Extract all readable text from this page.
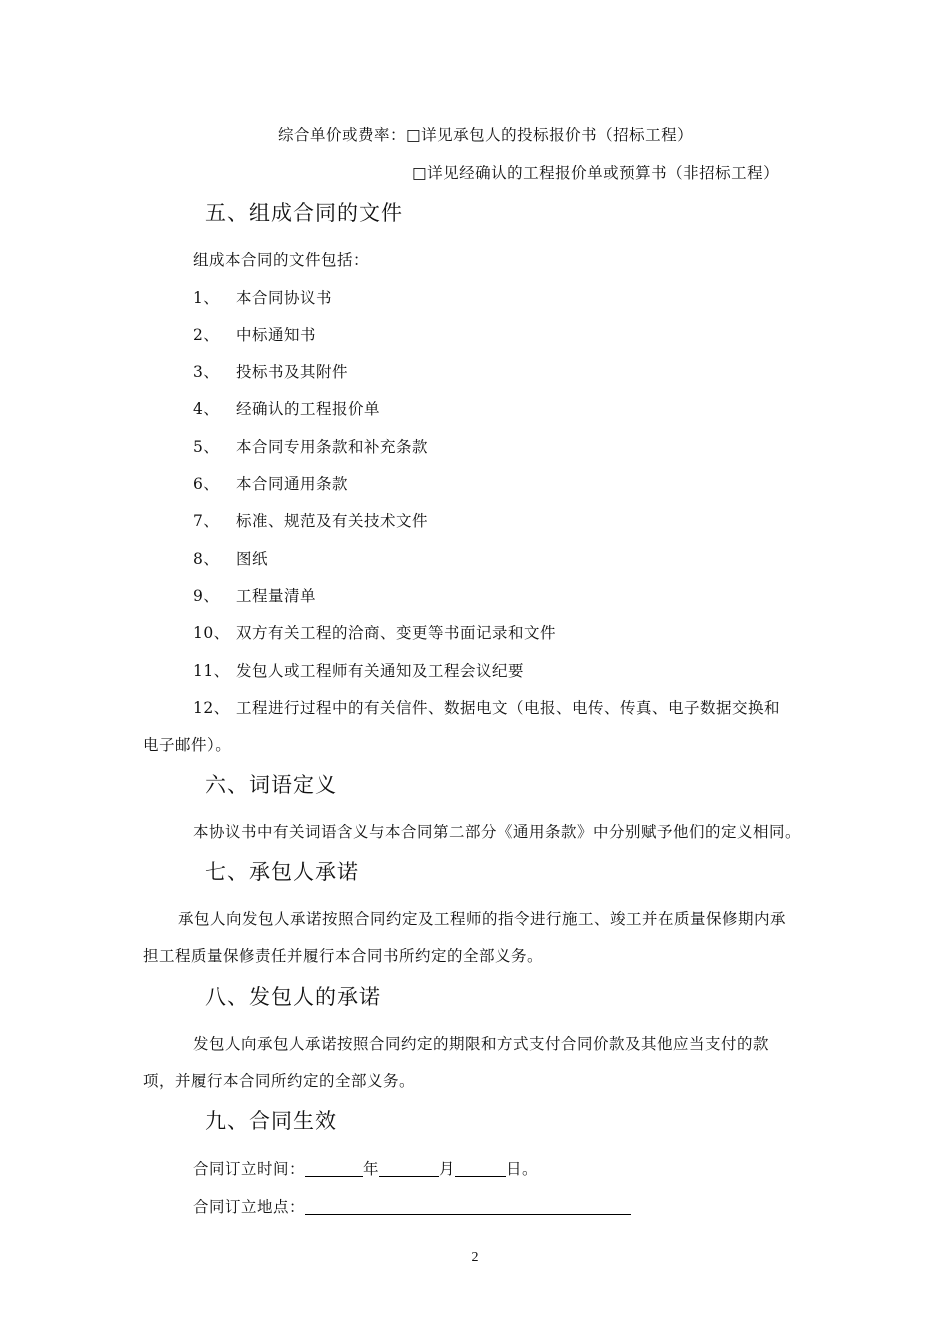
综合单价或费率：□详见承包人的投标报价书（招标工程）
□详见经确认的工程报价单或预算书（非招标工程）
五、组成合同的文件
组成本合同的文件包括：
1、 本合同协议书
2、 中标通知书
3、 投标书及其附件
4、 经确认的工程报价单
5、 本合同专用条款和补充条款
6、 本合同通用条款
7、 标准、规范及有关技术文件
8、 图纸
9、 工程量清单
10、 双方有关工程的洽商、变更等书面记录和文件
11、 发包人或工程师有关通知及工程会议纪要
12、 工程进行过程中的有关信件、数据电文（电报、电传、传真、电子数据交换和
电子邮件）。
六、词语定义
本协议书中有关词语含义与本合同第二部分《通用条款》中分别赋予他们的定义相同。
七、承包人承诺
承包人向发包人承诺按照合同约定及工程师的指令进行施工、竣工并在质量保修期内承
担工程质量保修责任并履行本合同书所约定的全部义务。
八、发包人的承诺
发包人向承包人承诺按照合同约定的期限和方式支付合同价款及其他应当支付的款
项，并履行本合同所约定的全部义务。
九、合同生效
合同订立时间：	年	月	日。
合同订立地点：
2
